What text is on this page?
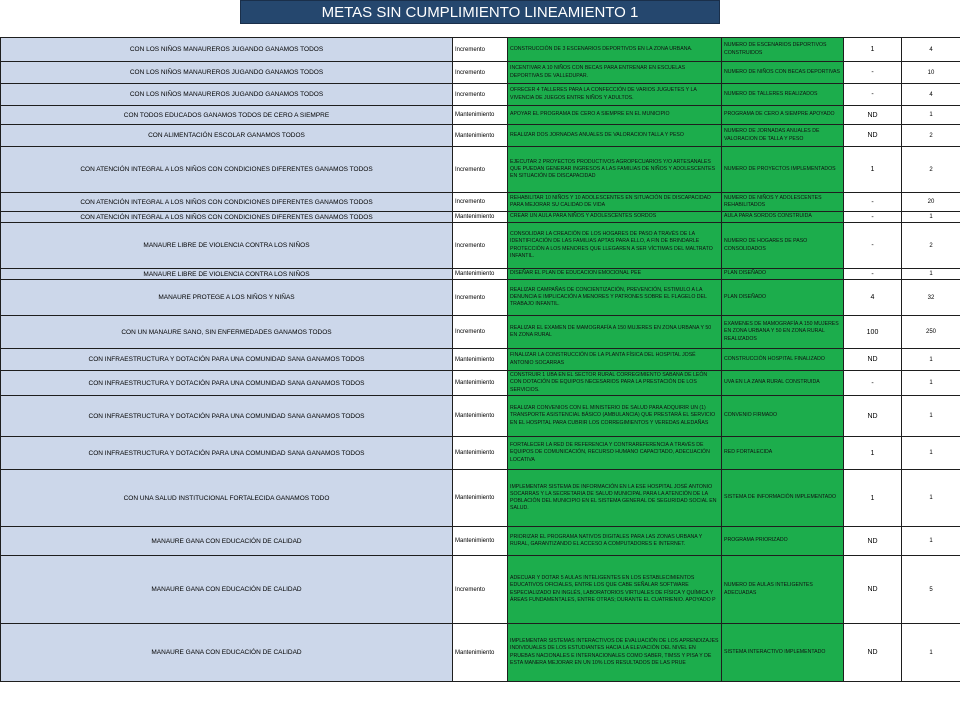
METAS SIN CUMPLIMIENTO LINEAMIENTO 1
CON LOS NIÑOS MANAUREROS JUGANDO GANAMOS TODOS	Incremento	CONSTRUCCIÓN DE 3 ESCENARIOS DEPORTIVOS EN LA ZONA URBANA.	NUMERO DE ESCENARIOS DEPORTIVOS CONSTRUIDOS	1	4
CON LOS NIÑOS MANAUREROS JUGANDO GANAMOS TODOS	Incremento	INCENTIVAR A 10 NIÑOS CON BECAS PARA ENTRENAR EN ESCUELAS DEPORTIVAS DE VALLEDUPAR.	NUMERO DE NIÑOS CON BECAS DEPORTIVAS	-	10
CON LOS NIÑOS MANAUREROS JUGANDO GANAMOS TODOS	Incremento	OFRECER 4 TALLERES PARA LA CONFECCIÓN DE VARIOS JUGUETES Y LA VIVENCIA DE JUEGOS ENTRE NIÑOS Y ADULTOS.	NUMERO DE TALLERES REALIZADOS	-	4
CON TODOS EDUCADOS GANAMOS TODOS DE CERO A SIEMPRE	Mantenimiento	APOYAR EL PROGRAMA DE CERO A SIEMPRE EN EL MUNICIPIO	PROGRAMA DE CERO A SIEMPRE APOYADO	ND	1
CON ALIMENTACIÓN ESCOLAR GANAMOS TODOS	Mantenimiento	REALIZAR DOS JORNADAS ANUALES DE VALORACION TALLA Y PESO	NUMERO DE JORNADAS ANUALES DE VALORACION DE TALLA Y PESO	ND	2
CON ATENCIÓN INTEGRAL A LOS NIÑOS CON CONDICIONES DIFERENTES GANAMOS TODOS	Incremento	EJECUTAR 2 PROYECTOS PRODUCTIVOS AGROPECUARIOS Y/O ARTESANALES QUE PUEDAN GENERAR INGRESOS A LAS FAMILIAS DE NIÑOS Y ADOLESCENTES EN SITUACIÓN DE DISCAPACIDAD	NUMERO DE PROYECTOS IMPLEMENTADOS	1	2
CON ATENCIÓN INTEGRAL A LOS NIÑOS CON CONDICIONES DIFERENTES GANAMOS TODOS	Incremento	REHABILITAR 10 NIÑOS Y 10 ADOLESCENTES EN SITUACIÓN DE DISCAPACIDAD PARA MEJORAR SU CALIDAD DE VIDA	NUMERO DE NIÑOS Y ADOLESCENTES REHABILITADOS	-	20
CON ATENCIÓN INTEGRAL A LOS NIÑOS CON CONDICIONES DIFERENTES GANAMOS TODOS	Mantenimiento	CREAR UN AULA PARA NIÑOS Y ADOLESCENTES SORDOS	AULA PARA SORDOS CONSTRUIDA	-	1
MANAURE LIBRE DE VIOLENCIA CONTRA LOS NIÑOS	Incremento	CONSOLIDAR LA CREACIÓN DE LOS HOGARES DE PASO A TRAVÉS DE LA IDENTIFICACIÓN DE LAS FAMILIAS APTAS PARA ELLO, A FIN DE BRINDARLE PROTECCIÓN A LOS MENORES QUE LLEGAREN A SER VÍCTIMAS DEL MALTRATO INFANTIL.	NUMERO DE HOGARES DE PASO CONSOLIDADOS	-	2
MANAURE LIBRE DE VIOLENCIA CONTRA LOS NIÑOS	Mantenimiento	DISEÑAR EL PLAN DE EDUCACION EMOCIONAL PEE	PLAN DISEÑADO	-	1
MANAURE PROTEGE A LOS NIÑOS Y NIÑAS	Incremento	REALIZAR CAMPAÑAS DE CONCIENTIZACIÓN, PREVENCIÓN, ESTIMULO A LA DENUNCIA E IMPLICACIÓN A MENORES Y PATRONES SOBRE EL FLAGELO DEL TRABAJO INFANTIL.	PLAN DISEÑADO	4	32
CON UN MANAURE SANO, SIN ENFERMEDADES GANAMOS TODOS	Incremento	REALIZAR EL EXAMEN DE MAMOGRAFÍA A 150 MUJERES EN ZONA URBANA Y 50 EN ZONA RURAL	EXAMENES DE MAMOGRAFÍA A 150 MUJERES EN ZONA URBANA Y 50 EN ZONA RURAL REALIZADOS	100	250
CON INFRAESTRUCTURA Y DOTACIÓN PARA UNA COMUNIDAD SANA GANAMOS TODOS	Mantenimiento	FINALIZAR LA CONSTRUCCIÓN DE LA PLANTA FÍSICA DEL HOSPITAL JOSÉ ANTONIO SOCARRAS	CONSTRUCCIÓN HOSPITAL FINALIZADO	ND	1
CON INFRAESTRUCTURA Y DOTACIÓN PARA UNA COMUNIDAD SANA GANAMOS TODOS	Mantenimiento	CONSTRUIR 1 UBA EN EL SECTOR RURAL CORREGIMIENTO SABANA DE LEÓN CON DOTACIÓN DE EQUIPOS NECESARIOS PARA LA PRESTACIÓN DE LOS SERVICIOS.	UVA EN LA ZANA RURAL CONSTRUIDA	-	1
CON INFRAESTRUCTURA Y DOTACIÓN PARA UNA COMUNIDAD SANA GANAMOS TODOS	Mantenimiento	REALIZAR CONVENIOS CON EL MINISTERIO DE SALUD PARA ADQUIRIR UN (1) TRANSPORTE ASISTENCIAL BÁSICO (AMBULANCIA) QUE PRESTARÁ EL SERVICIO EN EL HOSPITAL PARA CUBRIR LOS CORREGIMIENTOS Y VEREDAS ALEDAÑAS	CONVENIO FIRMADO	ND	1
CON INFRAESTRUCTURA Y DOTACIÓN PARA UNA COMUNIDAD SANA GANAMOS TODOS	Mantenimiento	FORTALECER LA RED DE REFERENCIA Y CONTRAREFERENCIA A TRAVÉS DE EQUIPOS DE COMUNICACIÓN, RECURSO HUMANO CAPACITADO, ADECUACIÓN LOCATIVA	RED FORTALECIDA	1	1
CON UNA SALUD INSTITUCIONAL FORTALECIDA GANAMOS TODO	Mantenimiento	IMPLEMENTAR SISTEMA DE INFORMACIÓN EN LA ESE HOSPITAL JOSÉ ANTONIO SOCARRAS Y LA SECRETARIA DE SALUD MUNICIPAL PARA LA ATENCIÓN DE LA POBLACIÓN DEL MUNICIPIO EN EL SISTEMA GENERAL DE SEGURIDAD SOCIAL EN SALUD.	SISTEMA DE INFORMACIÓN IMPLEMENTADO	1	1
MANAURE GANA CON EDUCACIÓN DE CALIDAD	Mantenimiento	PRIORIZAR EL PROGRAMA NATIVOS DIGITALES PARA LAS ZONAS URBANA Y RURAL, GARANTIZANDO EL ACCESO A COMPUTADORES E INTERNET.	PROGRAMA PRIORIZADO	ND	1
MANAURE GANA CON EDUCACIÓN DE CALIDAD	Incremento	ADECUAR Y DOTAR 5 AULAS INTELIGENTES EN LOS ESTABLECIMIENTOS EDUCATIVOS OFICIALES, ENTRE LOS QUE CABE SEÑALAR SOFTWARE ESPECIALIZADO EN INGLÉS, LABORATORIOS VIRTUALES DE FÍSICA Y QUÍMICA Y ÁREAS FUNDAMENTALES, ENTRE OTRAS; DURANTE EL CUATRIENIO. APOYADO P	NUMERO DE AULAS INTELIGENTES ADECUADAS	ND	5
MANAURE GANA CON EDUCACIÓN DE CALIDAD	Mantenimiento	IMPLEMENTAR SISTEMAS INTERACTIVOS DE EVALUACIÓN DE LOS APRENDIZAJES INDIVIDUALES DE LOS ESTUDIANTES HACIA LA ELEVACIÓN DEL NIVEL EN PRUEBAS NACIONALES E INTERNACIONALES COMO SABER, TIMSS Y PISA Y DE ESTA MANERA MEJORAR EN UN 10% LOS RESULTADOS DE LAS PRUE	SISTEMA INTERACTIVO IMPLEMENTADO	ND	1
